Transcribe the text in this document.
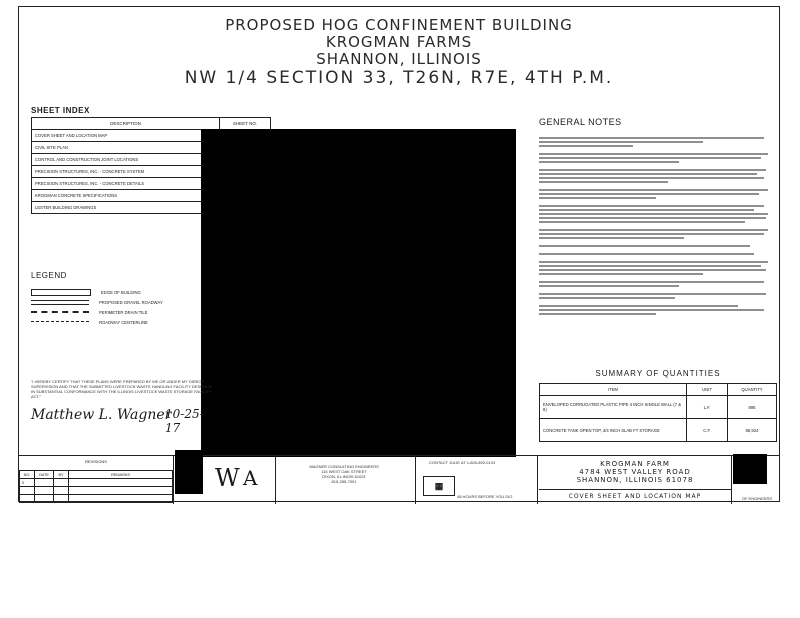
PROPOSED HOG CONFINEMENT BUILDING
KROGMAN FARMS
SHANNON, ILLINOIS
NW 1/4 SECTION 33, T26N, R7E, 4TH P.M.
SHEET INDEX
DESCRIPTION	SHEET NO.
COVER SHEET AND LOCATION MAP	
CIVIL SITE PLAN	
CONTROL AND CONSTRUCTION JOINT LOCATIONS	
PRECISION STRUCTURES, INC. - CONCRETE SYSTEM	
PRECISION STRUCTURES, INC. - CONCRETE DETAILS	
KROGMAN CONCRETE SPECIFICATIONS	
LESTER BUILDING DRAWINGS	
GENERAL NOTES
LEGEND
EDGE OF BUILDING
PROPOSED GRAVEL ROADWAY
PERIMETER DRAIN TILE
ROADWAY CENTERLINE
"I HEREBY CERTIFY THAT THESE PLANS WERE PREPARED BY ME OR UNDER MY DIRECT SUPERVISION AND THAT THE SUBMITTED LIVESTOCK WASTE HANDLING FACILITY DESIGN IS IN SUBSTANTIAL CONFORMANCE WITH THE ILLINOIS LIVESTOCK WASTE STORAGE FACILITY ACT."
Matthew L. Wagner
10-25-17
SUMMARY OF QUANTITIES
ITEM	UNIT	QUANTITY
ENVELOPED CORRUGATED PLASTIC PIPE 4 INCH SINGLE WALL (7 & 8)	L.F.	895
CONCRETE TANK OPEN TOP, 3/4 INCH SLAB FT STORAGE	C.F.	65,924
REVISIONS
NO.	DATE	BY	REMARKS
0			

				W A	WAGNER CONSULTING ENGINEERS
115 WEST OAK STREET
DIXON, ILLINOIS 61021
815-285-7901	▦
CONTACT JULIE AT 1-800-892-0123
48 HOURS BEFORE YOU DIG
KROGMAN FARM
4784 WEST VALLEY ROAD
SHANNON, ILLINOIS 61078
COVER SHEET AND LOCATION MAP	OF ENGINEERS
